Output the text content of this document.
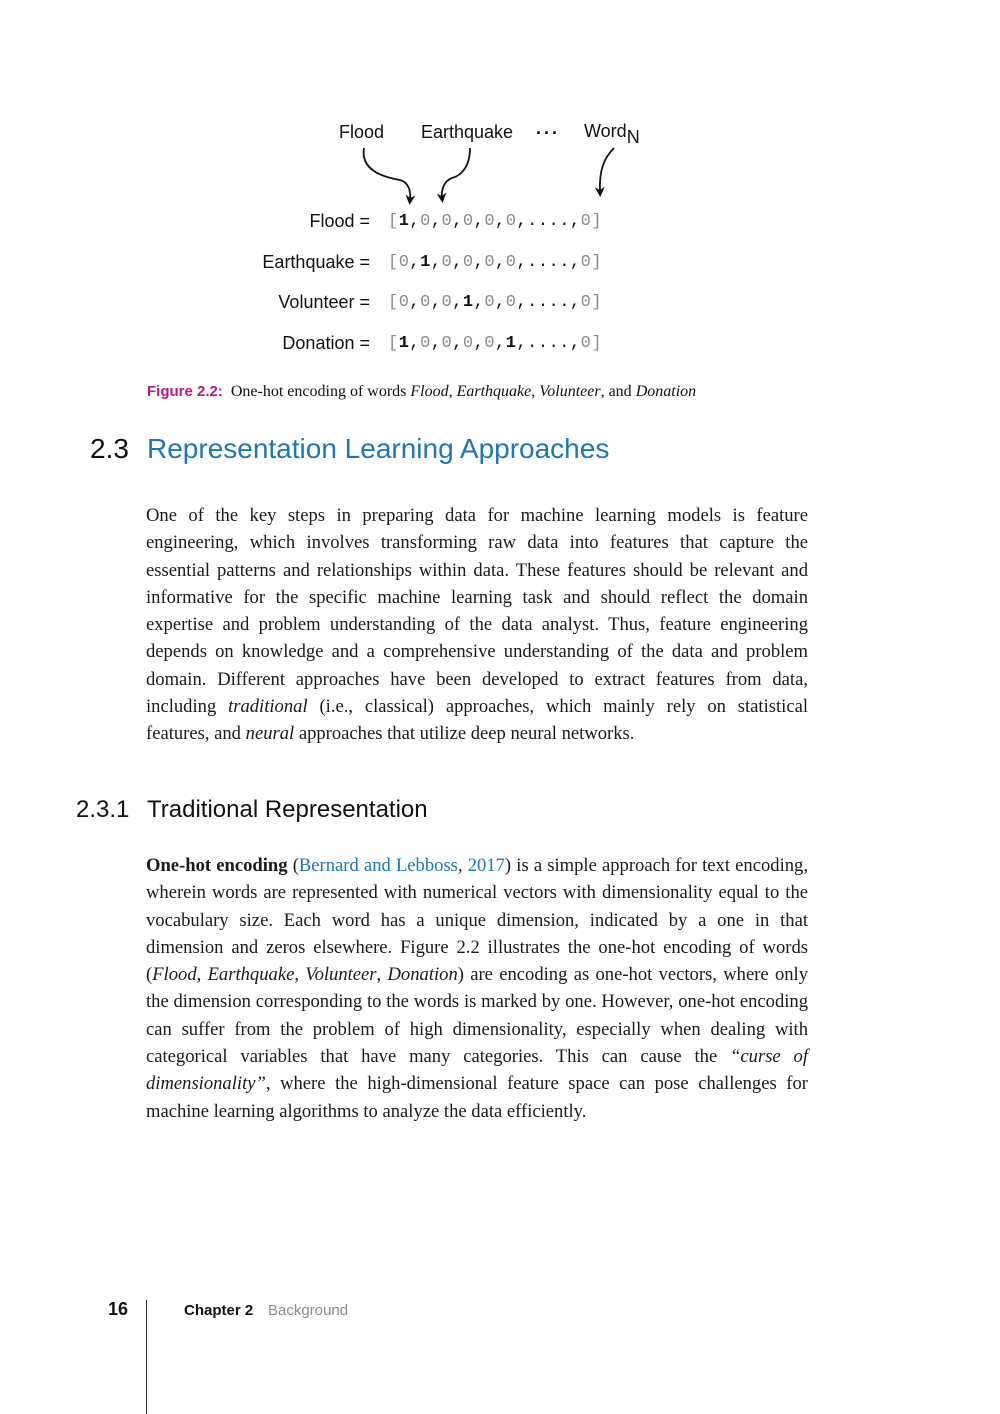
Flood Earthquake ... Word$_N$
Flood = [1,0,0,0,0,0,....,0]
Earthquake = [0,1,0,0,0,0,....,0]
Volunteer = [0,0,0,1,0,0,....,0]
Donation = [1,0,0,0,0,1,....,0]
Figure 2.2: One-hot encoding of words Flood, Earthquake, Volunteer, and Donation
2.3 Representation Learning Approaches
One of the key steps in preparing data for machine learning models is feature engineering, which involves transforming raw data into features that capture the essential patterns and relationships within data. These features should be relevant and informative for the specific machine learning task and should reflect the domain expertise and problem understanding of the data analyst. Thus, feature engineering depends on knowledge and a comprehensive understanding of the data and problem domain. Different approaches have been developed to extract features from data, including traditional (i.e., classical) approaches, which mainly rely on statistical features, and neural approaches that utilize deep neural networks.
2.3.1 Traditional Representation
One-hot encoding (Bernard and Lebboss, 2017) is a simple approach for text encoding, wherein words are represented with numerical vectors with dimensionality equal to the vocabulary size. Each word has a unique dimension, indicated by a one in that dimension and zeros elsewhere. Figure 2.2 illustrates the one-hot encoding of words (Flood, Earthquake, Volunteer, Donation) are encoding as one-hot vectors, where only the dimension corresponding to the words is marked by one. However, one-hot encoding can suffer from the problem of high dimensionality, especially when dealing with categorical variables that have many categories. This can cause the “curse of dimensionality”, where the high-dimensional feature space can pose challenges for machine learning algorithms to analyze the data efficiently.
16	Chapter 2 Background
